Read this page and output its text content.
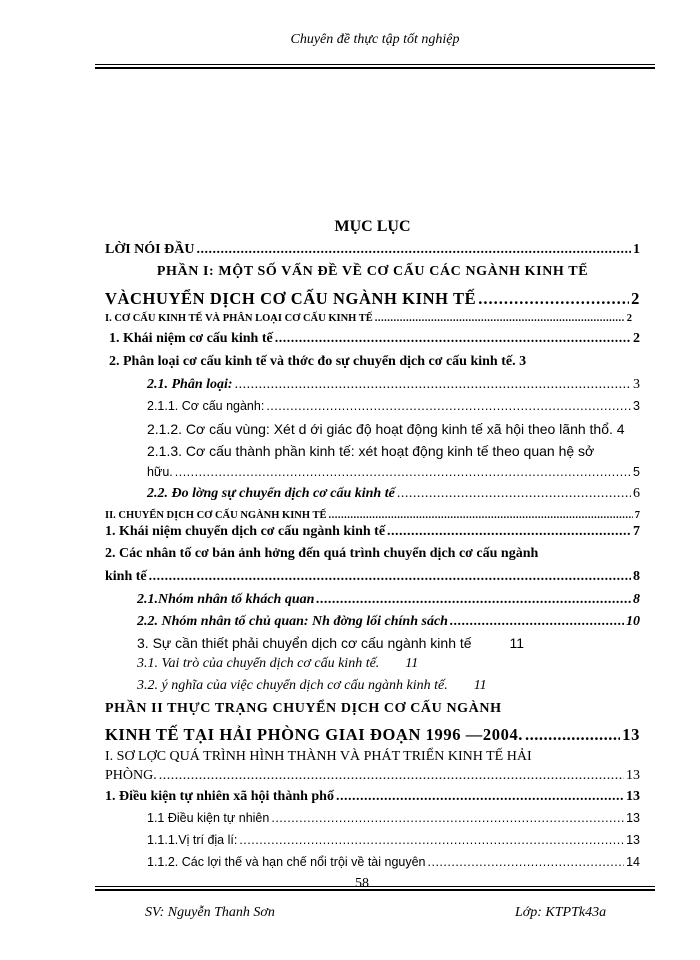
Chuyên đề thực tập tốt nghiệp
MỤC LỤC
LỜI NÓI ĐẦU .....	1
PHẦN I: MỘT SỐ VẤN ĐỀ VỀ CƠ CẤU CÁC NGÀNH KINH TẾ
VÀCHUYỂN DỊCH CƠ CẤU NGÀNH KINH TẾ .....	2
I. CƠ CẤU KINH TẾ VÀ PHÂN LOẠI CƠ CẤU KINH TẾ .....	2
1. Khái niệm cơ cấu kinh tế .....	2
2. Phân loại cơ cấu kinh tế và thớc đo sự chuyển dịch cơ cấu kinh tế. 3
2.1. Phân loại: .....	3
2.1.1. Cơ cấu ngành: .....	3
2.1.2. Cơ cấu vùng: Xét d ới giác độ hoạt động kinh tế xã hội theo lãnh thổ. 4
2.1.3. Cơ cấu thành phần kinh tế: xét hoạt động kinh tế theo quan hệ sở
hữu. .....	5
2.2. Đo lờng sự chuyển dịch cơ cấu kinh tế .....	6
II. CHUYỂN DỊCH CƠ CẤU NGÀNH KINH TẾ .....	7
1. Khái niệm chuyển dịch cơ cấu ngành kinh tế .....	7
2. Các nhân tố cơ bản ảnh hởng đến quá trình chuyển dịch cơ cấu ngành
kinh tế .....	8
2.1.Nhóm nhân tố khách quan .....	8
2.2. Nhóm nhân tố chủ quan: Nh đờng lối chính sách .....	10
3. Sự cần thiết phải chuyển dịch cơ cấu ngành kinh tế	11
3.1. Vai trò của chuyển dịch cơ cấu kinh tế. 11
3.2. ý nghĩa của việc chuyển dịch cơ cấu ngành kinh tế. 11
PHẦN II THỰC TRẠNG CHUYỂN DỊCH CƠ CẤU NGÀNH
KINH TẾ TẠI HẢI PHÒNG GIAI ĐOẠN 1996 —2004. .....	13
I. SƠ LỢC QUÁ TRÌNH HÌNH THÀNH VÀ PHÁT TRIỂN KINH TẾ HẢI
PHÒNG. .....	13
1. Điều kiện tự nhiên xã hội thành phố .....	13
1.1 Điều kiện tự nhiên .....	13
1.1.1.Vị trí địa lí: .....	13
1.1.2. Các lợi thế và hạn chế nổi trội về tài nguyên .....	14
58
SV: Nguyễn Thanh Sơn	Lớp: KTPTk43a
